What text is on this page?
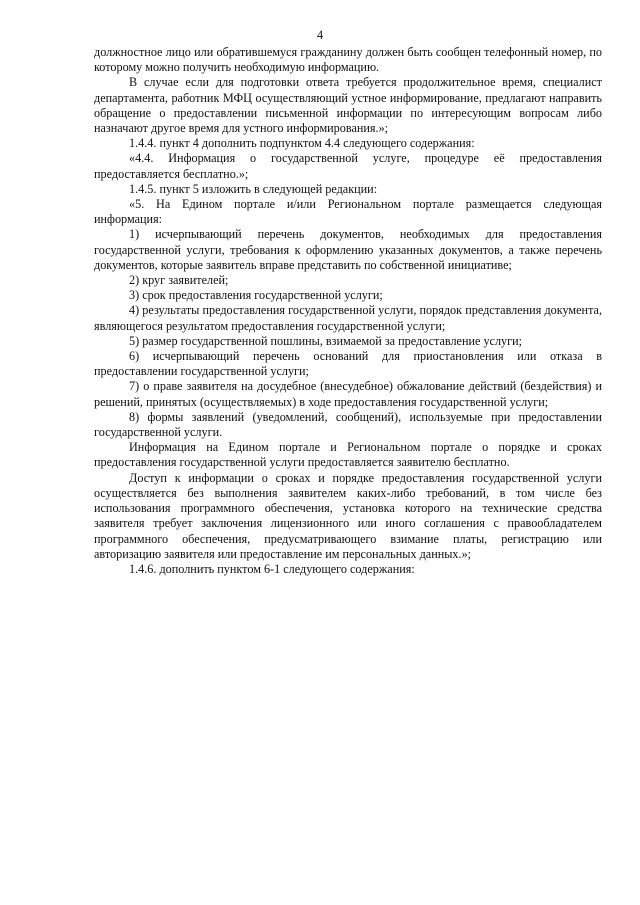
4

должностное лицо или обратившемуся гражданину должен быть сообщен телефонный номер, по которому можно получить необходимую информацию.

В случае если для подготовки ответа требуется продолжительное время, специалист департамента, работник МФЦ осуществляющий устное информирование, предлагают направить обращение о предоставлении письменной информации по интересующим вопросам либо назначают другое время для устного информирования.»;

1.4.4. пункт 4 дополнить подпунктом 4.4 следующего содержания:

«4.4. Информация о государственной услуге, процедуре её предоставления предоставляется бесплатно.»;

1.4.5. пункт 5 изложить в следующей редакции:

«5. На Едином портале и/или Региональном портале размещается следующая информация:

1) исчерпывающий перечень документов, необходимых для предоставления государственной услуги, требования к оформлению указанных документов, а также перечень документов, которые заявитель вправе представить по собственной инициативе;

2) круг заявителей;

3) срок предоставления государственной услуги;

4) результаты предоставления государственной услуги, порядок представления документа, являющегося результатом предоставления государственной услуги;

5) размер государственной пошлины, взимаемой за предоставление услуги;

6) исчерпывающий перечень оснований для приостановления или отказа в предоставлении государственной услуги;

7) о праве заявителя на досудебное (внесудебное) обжалование действий (бездействия) и решений, принятых (осуществляемых) в ходе предоставления государственной услуги;

8) формы заявлений (уведомлений, сообщений), используемые при предоставлении государственной услуги.

Информация на Едином портале и Региональном портале о порядке и сроках предоставления государственной услуги предоставляется заявителю бесплатно.

Доступ к информации о сроках и порядке предоставления государственной услуги осуществляется без выполнения заявителем каких-либо требований, в том числе без использования программного обеспечения, установка которого на технические средства заявителя требует заключения лицензионного или иного соглашения с правообладателем программного обеспечения, предусматривающего взимание платы, регистрацию или авторизацию заявителя или предоставление им персональных данных.»;

1.4.6. дополнить пунктом 6-1 следующего содержания:
